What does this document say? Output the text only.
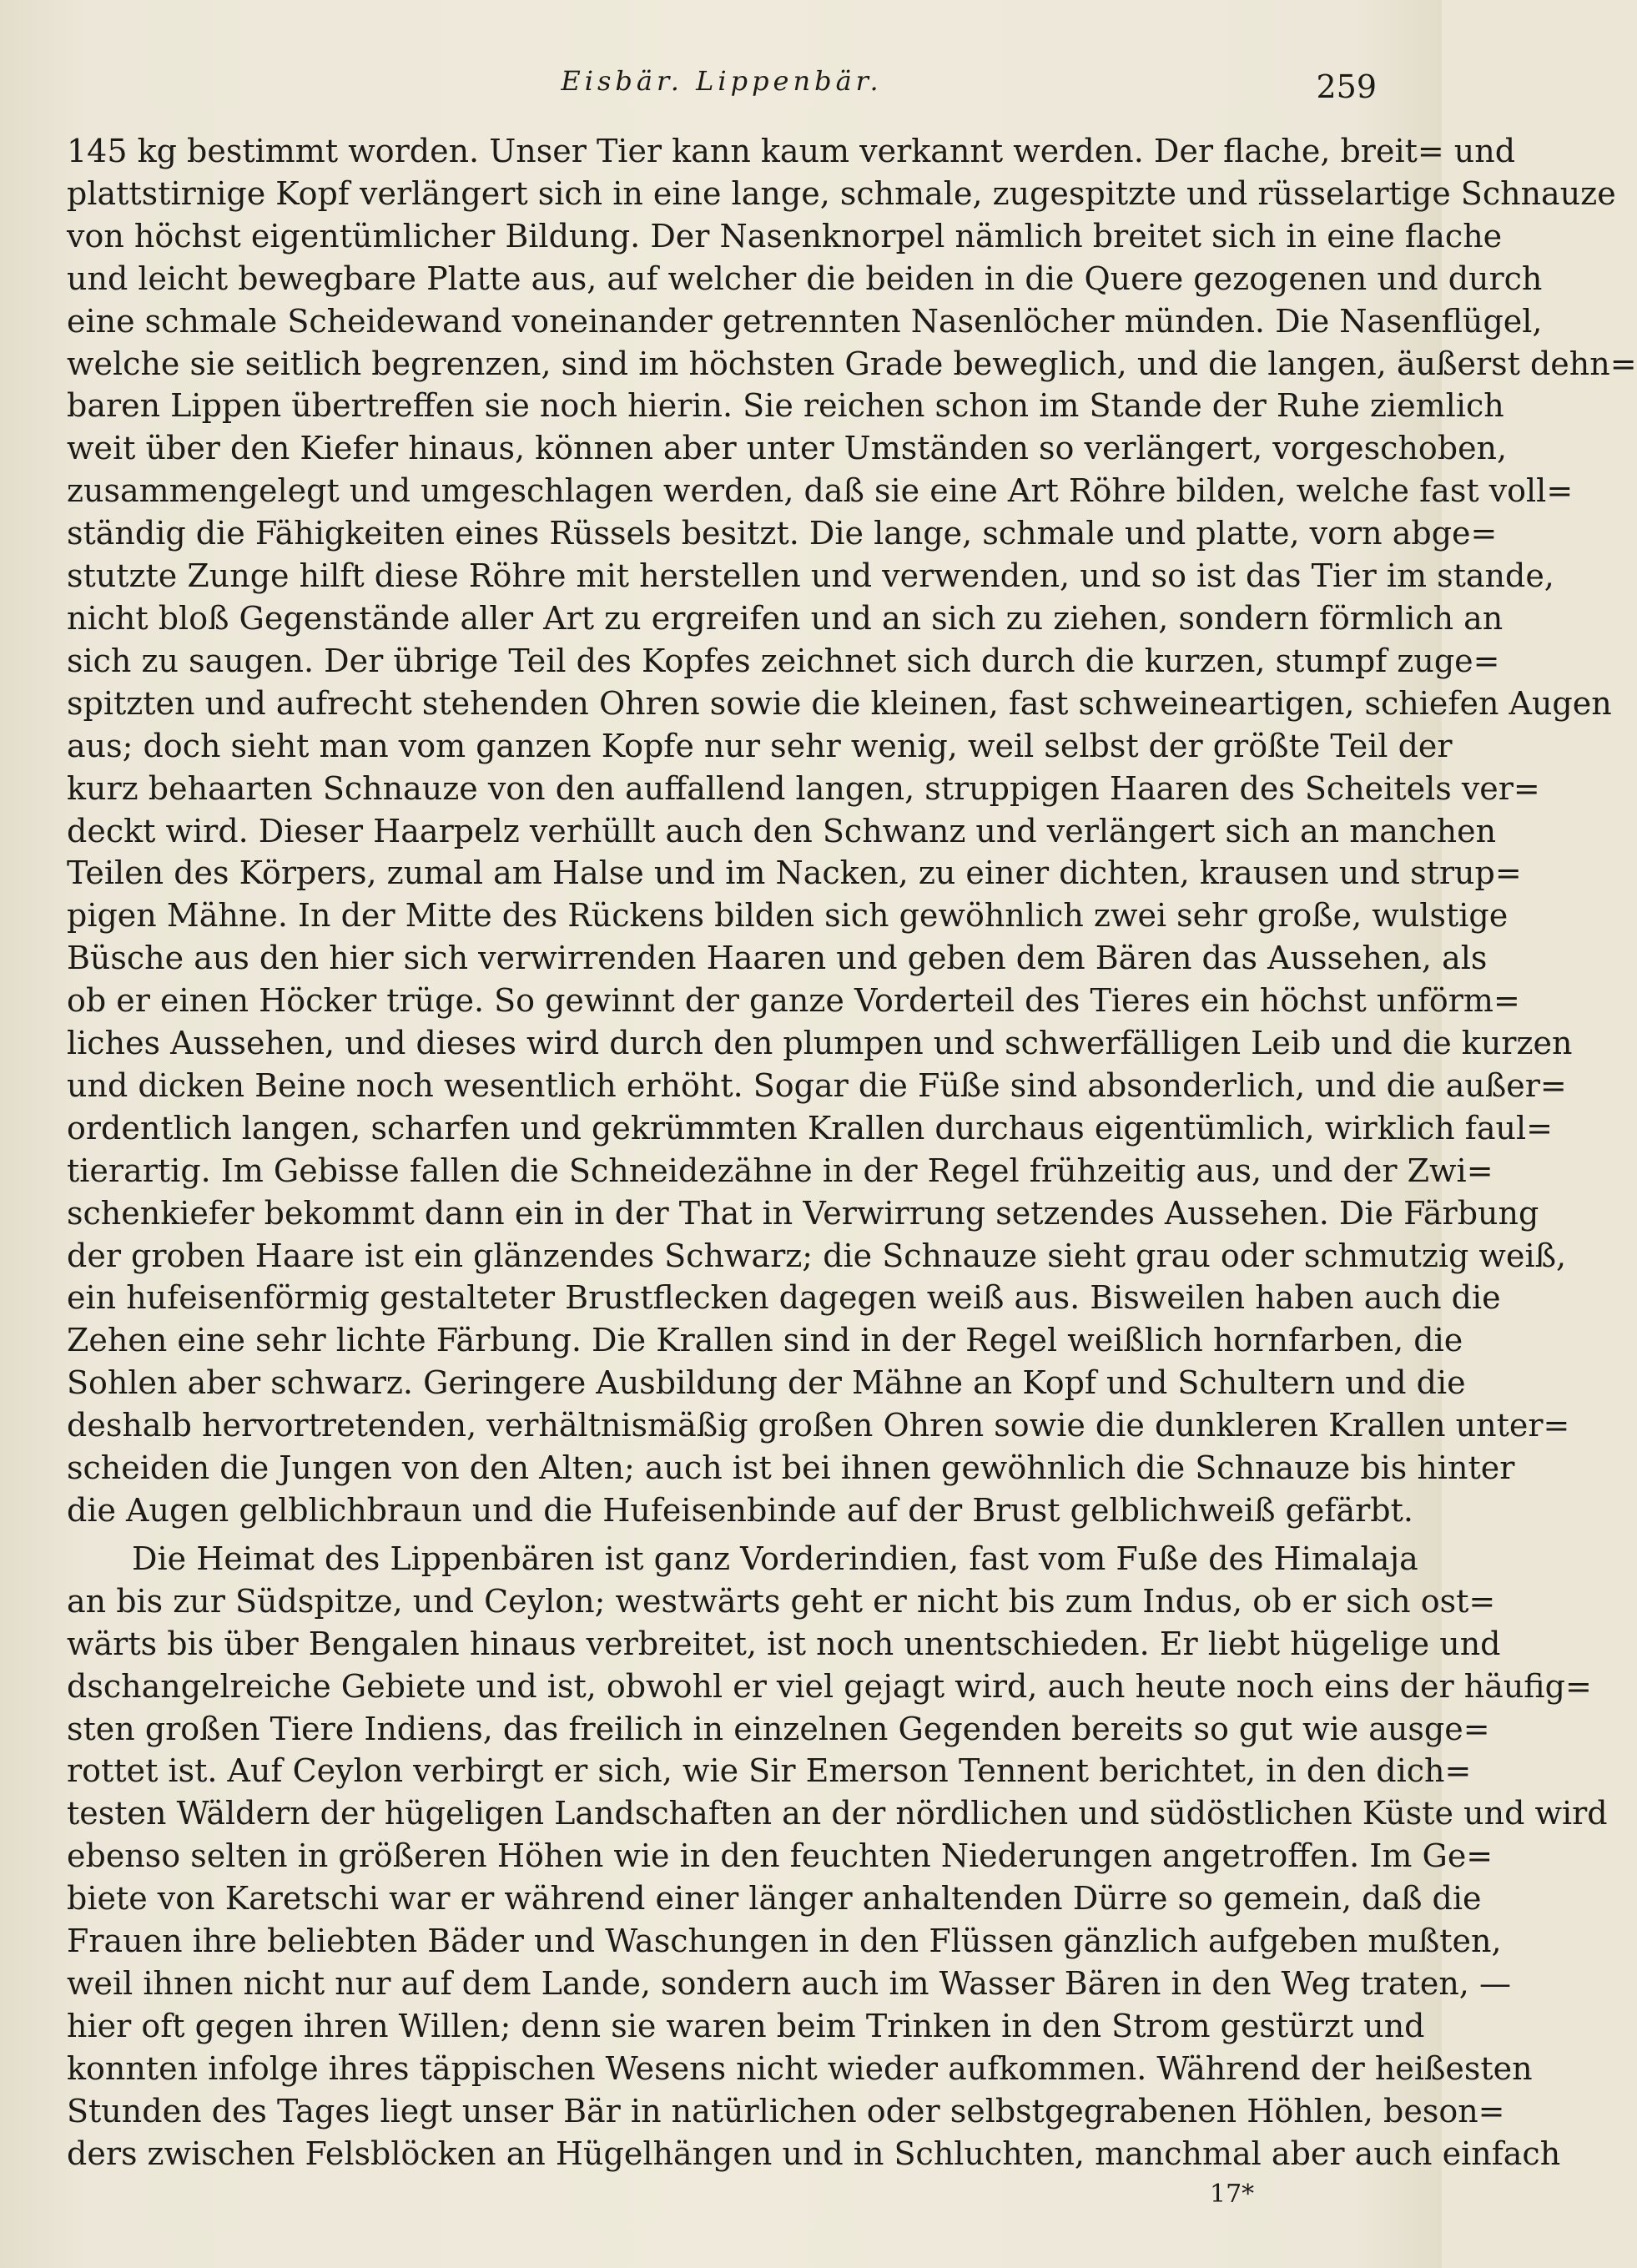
Eisbär. Lippenbär.	259

145 kg bestimmt worden. Unser Tier kann kaum verkannt werden. Der flache, breit= und

plattstirnige Kopf verlängert sich in eine lange, schmale, zugespitzte und rüsselartige Schnauze

von höchst eigentümlicher Bildung. Der Nasenknorpel nämlich breitet sich in eine flache

und leicht bewegbare Platte aus, auf welcher die beiden in die Quere gezogenen und durch

eine schmale Scheidewand voneinander getrennten Nasenlöcher münden. Die Nasenflügel,

welche sie seitlich begrenzen, sind im höchsten Grade beweglich, und die langen, äußerst dehn=

baren Lippen übertreffen sie noch hierin. Sie reichen schon im Stande der Ruhe ziemlich

weit über den Kiefer hinaus, können aber unter Umständen so verlängert, vorgeschoben,

zusammengelegt und umgeschlagen werden, daß sie eine Art Röhre bilden, welche fast voll=

ständig die Fähigkeiten eines Rüssels besitzt. Die lange, schmale und platte, vorn abge=

stutzte Zunge hilft diese Röhre mit herstellen und verwenden, und so ist das Tier im stande,

nicht bloß Gegenstände aller Art zu ergreifen und an sich zu ziehen, sondern förmlich an

sich zu saugen. Der übrige Teil des Kopfes zeichnet sich durch die kurzen, stumpf zuge=

spitzten und aufrecht stehenden Ohren sowie die kleinen, fast schweineartigen, schiefen Augen

aus; doch sieht man vom ganzen Kopfe nur sehr wenig, weil selbst der größte Teil der

kurz behaarten Schnauze von den auffallend langen, struppigen Haaren des Scheitels ver=

deckt wird. Dieser Haarpelz verhüllt auch den Schwanz und verlängert sich an manchen

Teilen des Körpers, zumal am Halse und im Nacken, zu einer dichten, krausen und strup=

pigen Mähne. In der Mitte des Rückens bilden sich gewöhnlich zwei sehr große, wulstige

Büsche aus den hier sich verwirrenden Haaren und geben dem Bären das Aussehen, als

ob er einen Höcker trüge. So gewinnt der ganze Vorderteil des Tieres ein höchst unförm=

liches Aussehen, und dieses wird durch den plumpen und schwerfälligen Leib und die kurzen

und dicken Beine noch wesentlich erhöht. Sogar die Füße sind absonderlich, und die außer=

ordentlich langen, scharfen und gekrümmten Krallen durchaus eigentümlich, wirklich faul=

tierartig. Im Gebisse fallen die Schneidezähne in der Regel frühzeitig aus, und der Zwi=

schenkiefer bekommt dann ein in der That in Verwirrung setzendes Aussehen. Die Färbung

der groben Haare ist ein glänzendes Schwarz; die Schnauze sieht grau oder schmutzig weiß,

ein hufeisenförmig gestalteter Brustflecken dagegen weiß aus. Bisweilen haben auch die

Zehen eine sehr lichte Färbung. Die Krallen sind in der Regel weißlich hornfarben, die

Sohlen aber schwarz. Geringere Ausbildung der Mähne an Kopf und Schultern und die

deshalb hervortretenden, verhältnismäßig großen Ohren sowie die dunkleren Krallen unter=

scheiden die Jungen von den Alten; auch ist bei ihnen gewöhnlich die Schnauze bis hinter

die Augen gelblichbraun und die Hufeisenbinde auf der Brust gelblichweiß gefärbt.

Die Heimat des Lippenbären ist ganz Vorderindien, fast vom Fuße des Himalaja

an bis zur Südspitze, und Ceylon; westwärts geht er nicht bis zum Indus, ob er sich ost=

wärts bis über Bengalen hinaus verbreitet, ist noch unentschieden. Er liebt hügelige und

dschangelreiche Gebiete und ist, obwohl er viel gejagt wird, auch heute noch eins der häufig=

sten großen Tiere Indiens, das freilich in einzelnen Gegenden bereits so gut wie ausge=

rottet ist. Auf Ceylon verbirgt er sich, wie Sir Emerson Tennent berichtet, in den dich=

testen Wäldern der hügeligen Landschaften an der nördlichen und südöstlichen Küste und wird

ebenso selten in größeren Höhen wie in den feuchten Niederungen angetroffen. Im Ge=

biete von Karetschi war er während einer länger anhaltenden Dürre so gemein, daß die

Frauen ihre beliebten Bäder und Waschungen in den Flüssen gänzlich aufgeben mußten,

weil ihnen nicht nur auf dem Lande, sondern auch im Wasser Bären in den Weg traten, —

hier oft gegen ihren Willen; denn sie waren beim Trinken in den Strom gestürzt und

konnten infolge ihres täppischen Wesens nicht wieder aufkommen. Während der heißesten

Stunden des Tages liegt unser Bär in natürlichen oder selbstgegrabenen Höhlen, beson=

ders zwischen Felsblöcken an Hügelhängen und in Schluchten, manchmal aber auch einfach

17*
